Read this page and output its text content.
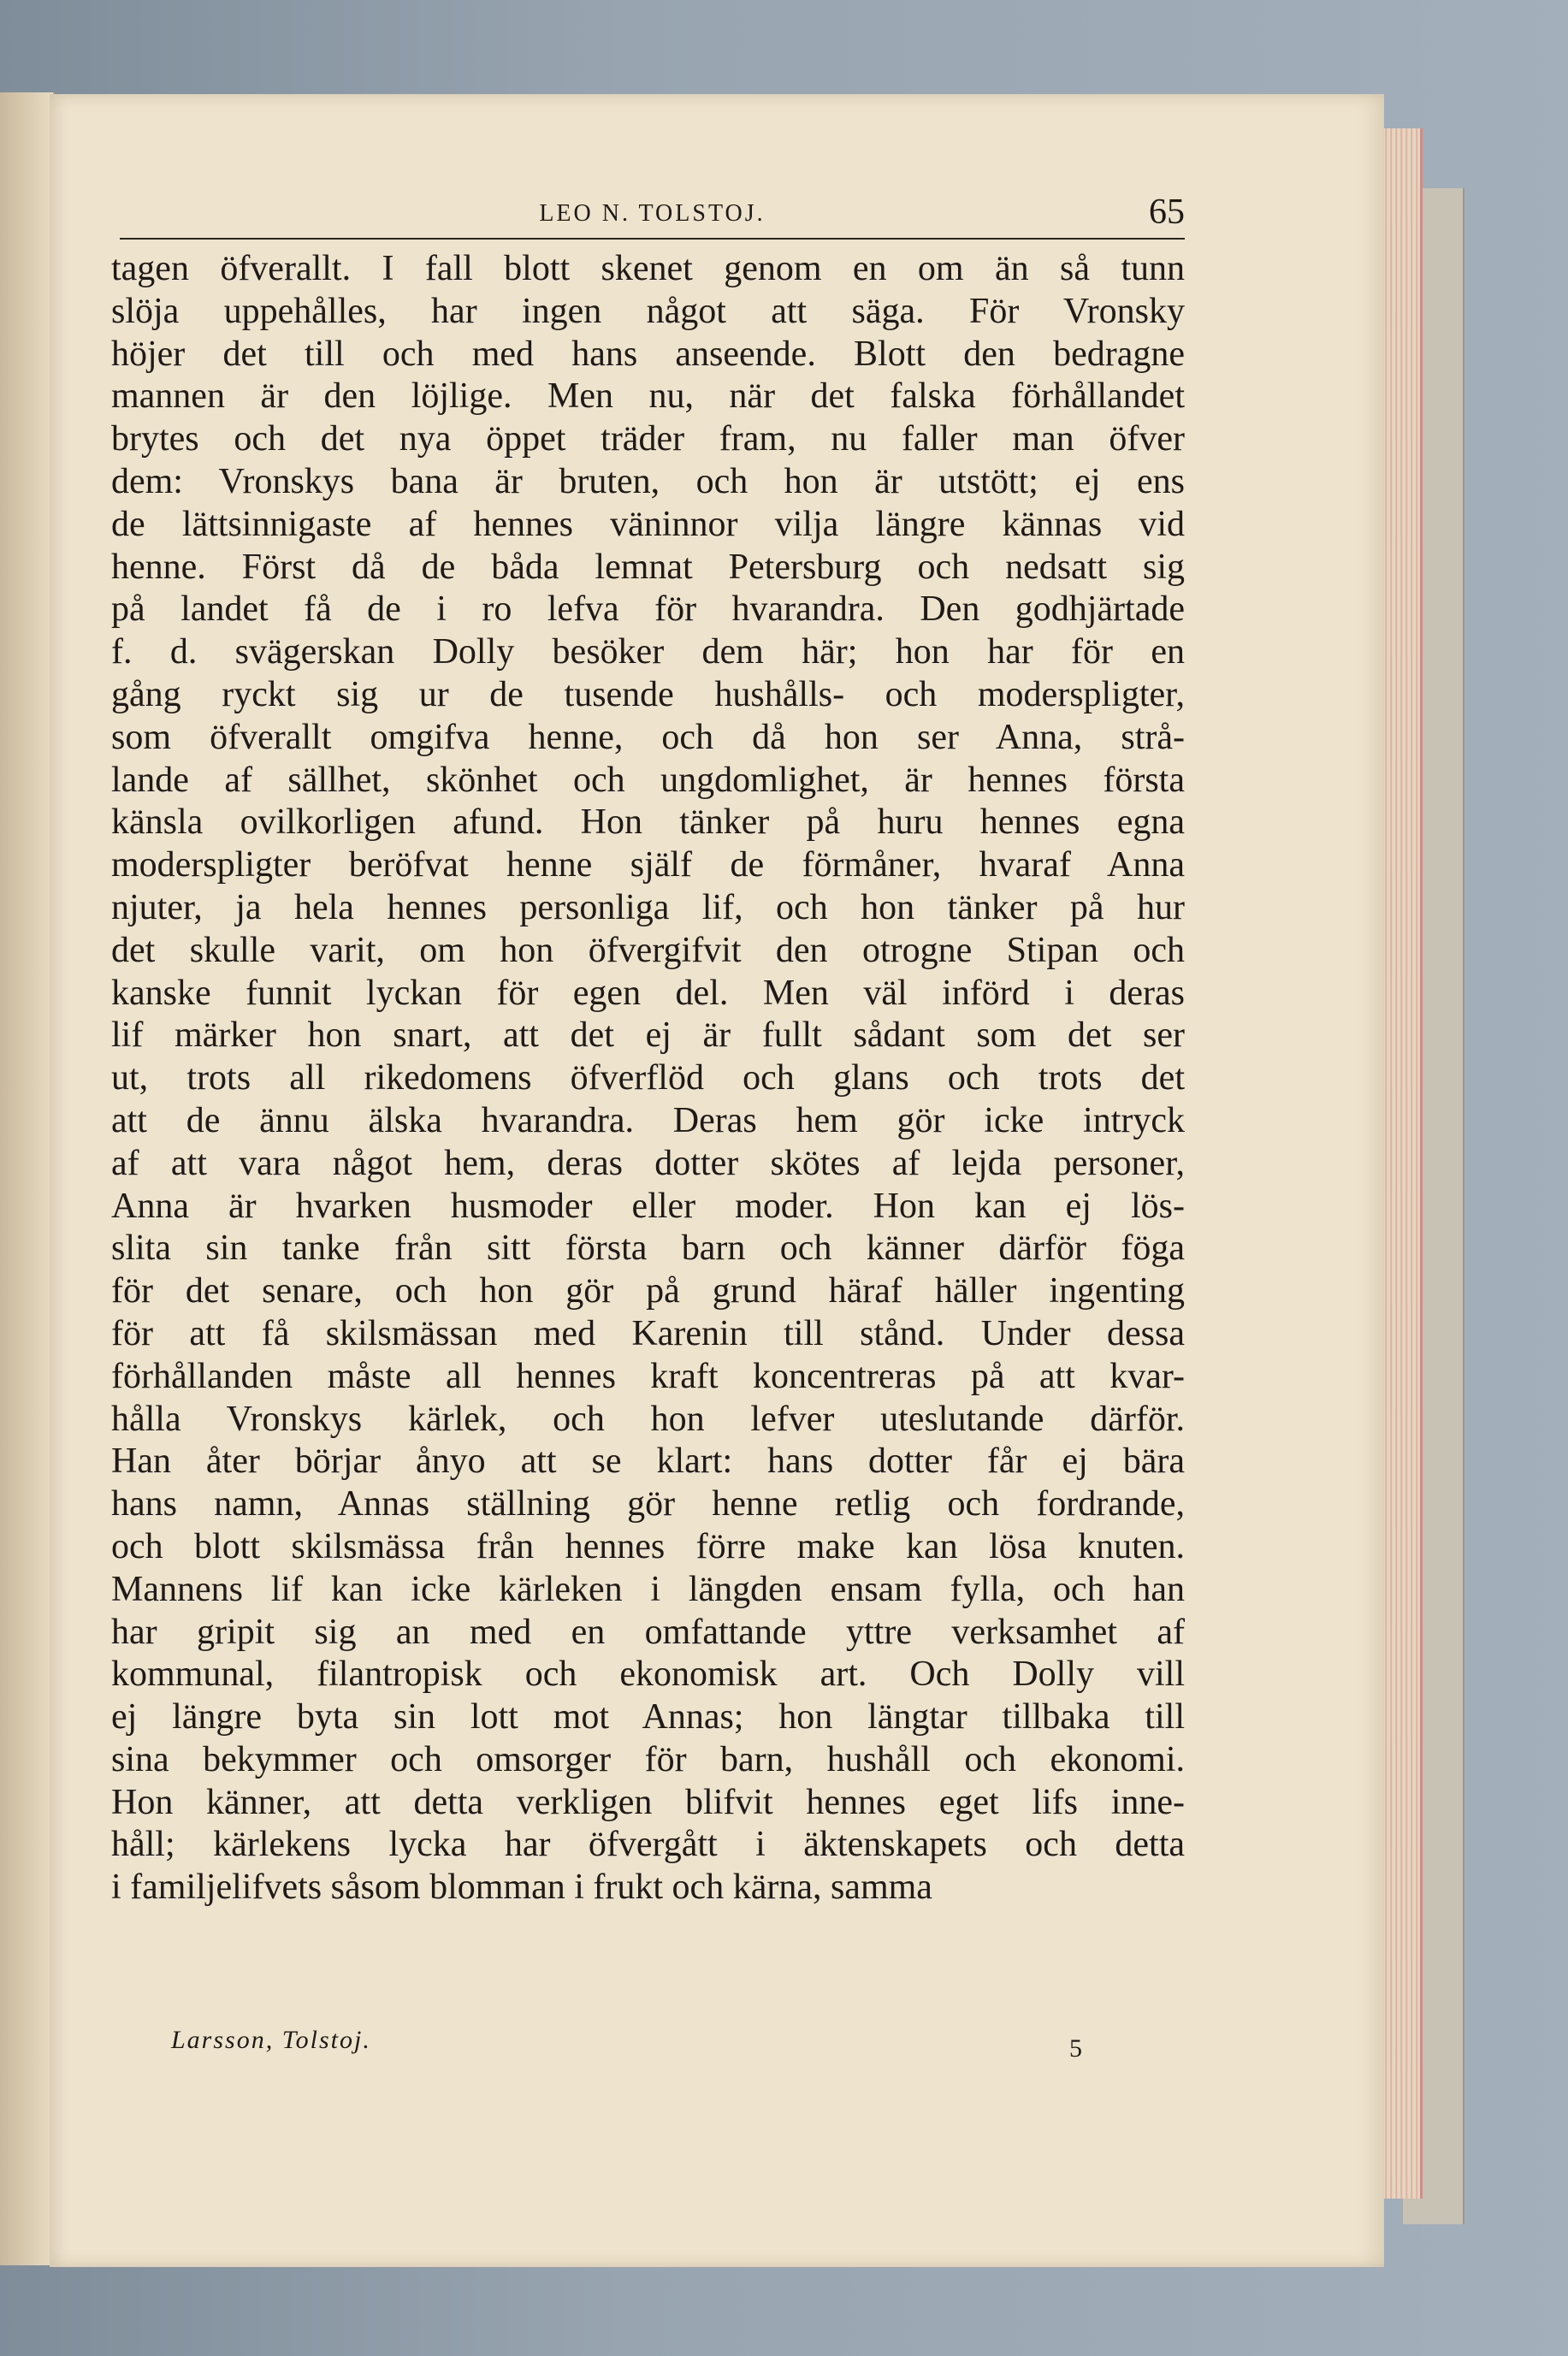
LEO N. TOLSTOJ.	65
tagen öfverallt. I fall blott skenet genom en om än så tunn
slöja uppehålles, har ingen något att säga. För Vronsky
höjer det till och med hans anseende. Blott den bedragne
mannen är den löjlige. Men nu, när det falska förhållandet
brytes och det nya öppet träder fram, nu faller man öfver
dem: Vronskys bana är bruten, och hon är utstött; ej ens
de lättsinnigaste af hennes väninnor vilja längre kännas vid
henne. Först då de båda lemnat Petersburg och nedsatt sig
på landet få de i ro lefva för hvarandra. Den godhjärtade
f. d. svägerskan Dolly besöker dem här; hon har för en
gång ryckt sig ur de tusende hushålls- och moderspligter,
som öfverallt omgifva henne, och då hon ser Anna, strå-
lande af sällhet, skönhet och ungdomlighet, är hennes första
känsla ovilkorligen afund. Hon tänker på huru hennes egna
moderspligter beröfvat henne själf de förmåner, hvaraf Anna
njuter, ja hela hennes personliga lif, och hon tänker på hur
det skulle varit, om hon öfvergifvit den otrogne Stipan och
kanske funnit lyckan för egen del. Men väl införd i deras
lif märker hon snart, att det ej är fullt sådant som det ser
ut, trots all rikedomens öfverflöd och glans och trots det
att de ännu älska hvarandra. Deras hem gör icke intryck
af att vara något hem, deras dotter skötes af lejda personer,
Anna är hvarken husmoder eller moder. Hon kan ej lös-
slita sin tanke från sitt första barn och känner därför föga
för det senare, och hon gör på grund häraf häller ingenting
för att få skilsmässan med Karenin till stånd. Under dessa
förhållanden måste all hennes kraft koncentreras på att kvar-
hålla Vronskys kärlek, och hon lefver uteslutande därför.
Han åter börjar ånyo att se klart: hans dotter får ej bära
hans namn, Annas ställning gör henne retlig och fordrande,
och blott skilsmässa från hennes förre make kan lösa knuten.
Mannens lif kan icke kärleken i längden ensam fylla, och han
har gripit sig an med en omfattande yttre verksamhet af
kommunal, filantropisk och ekonomisk art. Och Dolly vill
ej längre byta sin lott mot Annas; hon längtar tillbaka till
sina bekymmer och omsorger för barn, hushåll och ekonomi.
Hon känner, att detta verkligen blifvit hennes eget lifs inne-
håll; kärlekens lycka har öfvergått i äktenskapets och detta
i familjelifvets såsom blomman i frukt och kärna, samma
Larsson, Tolstoj.	5
